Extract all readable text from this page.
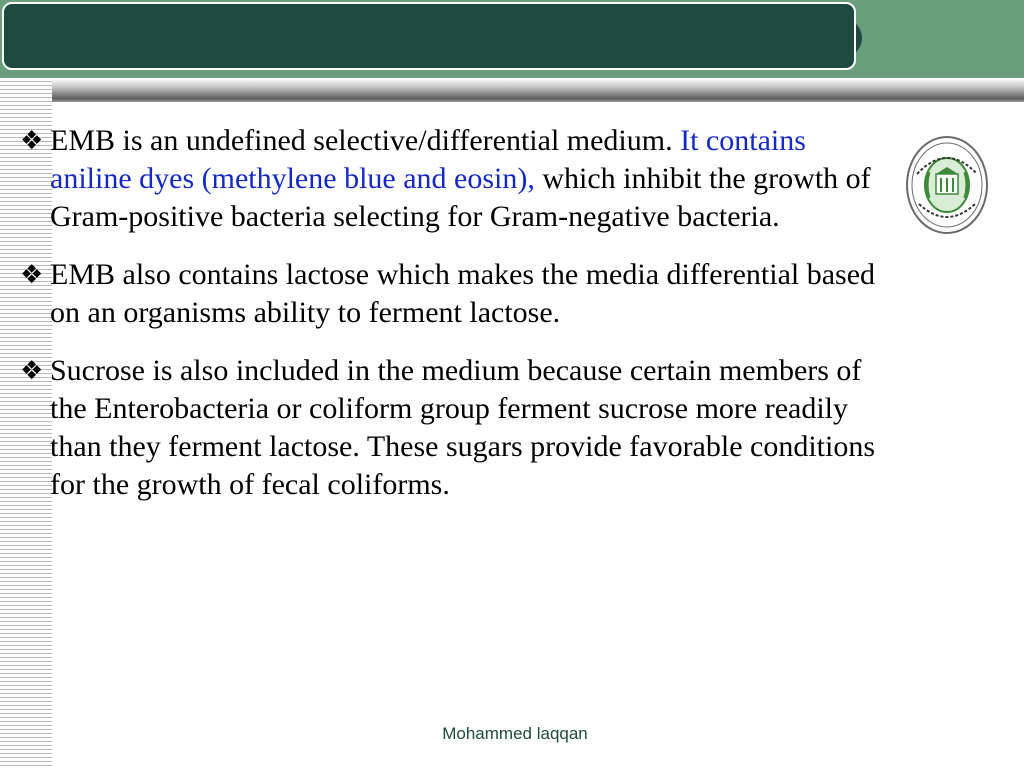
❖ EMB is an undefined selective/differential medium. It contains aniline dyes (methylene blue and eosin), which inhibit the growth of Gram-positive bacteria selecting for Gram-negative bacteria.
❖ EMB also contains lactose which makes the media differential based on an organisms ability to ferment lactose.
❖ Sucrose is also included in the medium because certain members of the Enterobacteria or coliform group ferment sucrose more readily than they ferment lactose. These sugars provide favorable conditions for the growth of fecal coliforms.
Mohammed laqqan
